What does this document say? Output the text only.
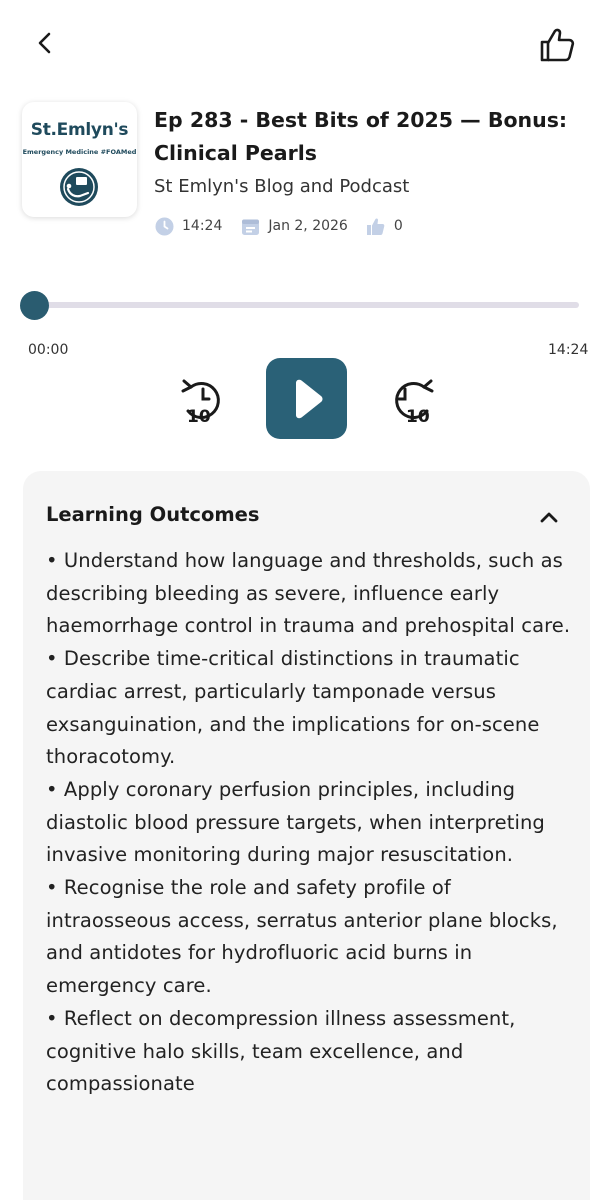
St.Emlyn's
Emergency Medicine #FOAMed
Ep 283 - Best Bits of 2025 — Bonus: Clinical Pearls
St Emlyn's Blog and Podcast
14:24	Jan 2, 2026	0
00:00	14:24
10	10
Learning Outcomes

• Understand how language and thresholds, such as describing bleeding as severe, influence early haemorrhage control in trauma and prehospital care.

• Describe time-critical distinctions in traumatic cardiac arrest, particularly tamponade versus exsanguination, and the implications for on-scene thoracotomy.

• Apply coronary perfusion principles, including diastolic blood pressure targets, when interpreting invasive monitoring during major resuscitation.

• Recognise the role and safety profile of intraosseous access, serratus anterior plane blocks, and antidotes for hydrofluoric acid burns in emergency care.

• Reflect on decompression illness assessment, cognitive halo skills, team excellence, and compassionate
